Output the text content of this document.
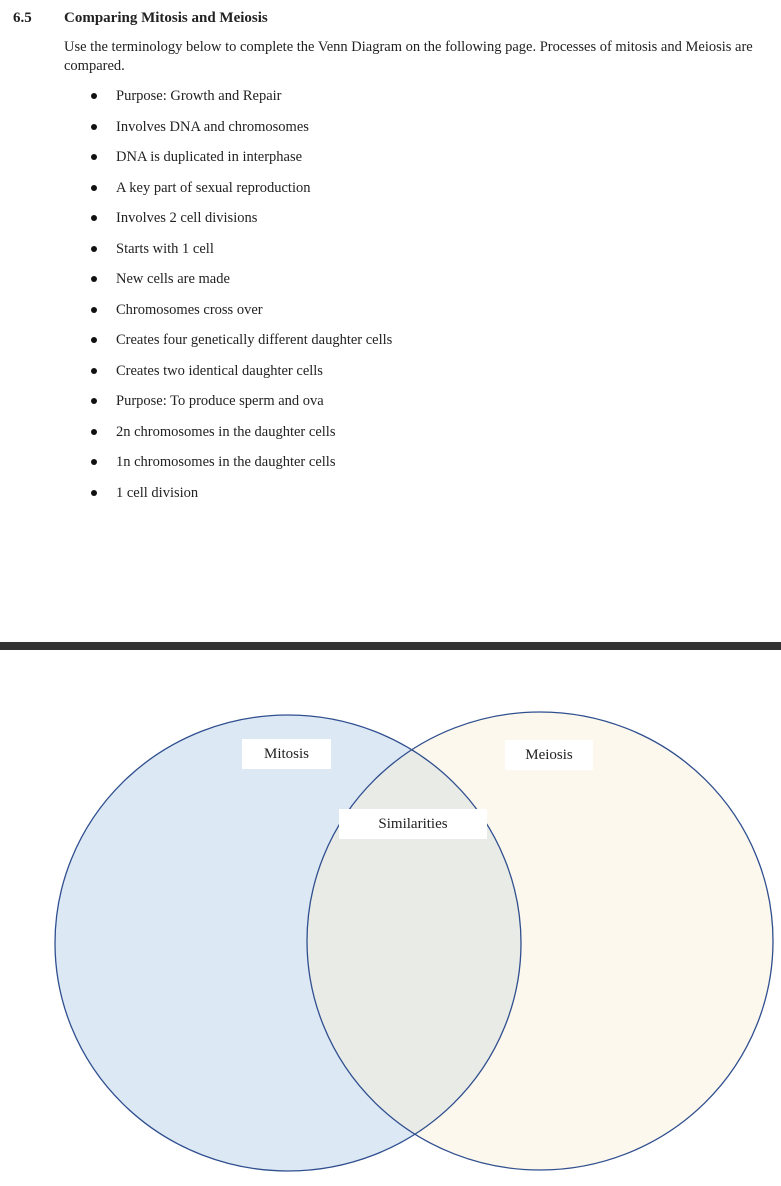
6.5 Comparing Mitosis and Meiosis
Use the terminology below to complete the Venn Diagram on the following page. Processes of mitosis and Meiosis are compared.
Purpose: Growth and Repair
Involves DNA and chromosomes
DNA is duplicated in interphase
A key part of sexual reproduction
Involves 2 cell divisions
Starts with 1 cell
New cells are made
Chromosomes cross over
Creates four genetically different daughter cells
Creates two identical daughter cells
Purpose: To produce sperm and ova
2n chromosomes in the daughter cells
1n chromosomes in the daughter cells
1 cell division
Mitosis	Meiosis
Similarities
